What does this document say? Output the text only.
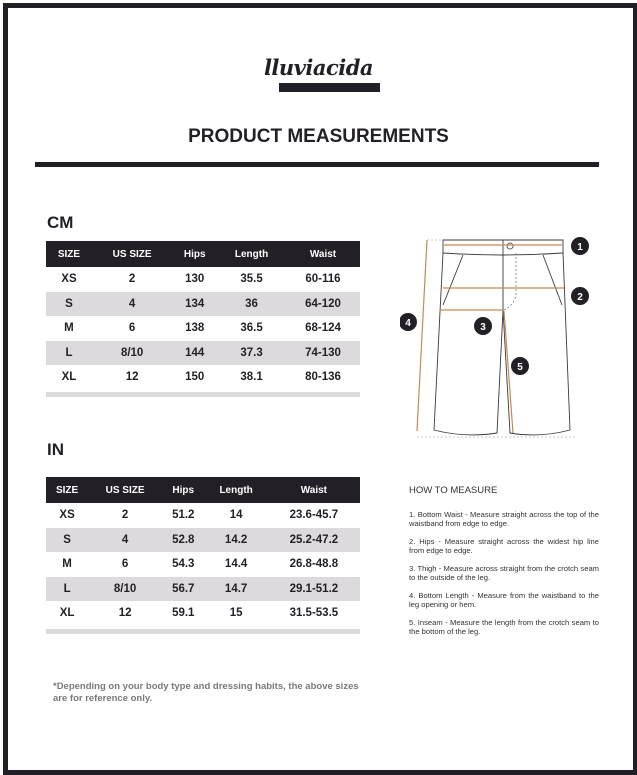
lluviacida
PRODUCT MEASUREMENTS
CM
SIZE	US SIZE	Hips	Length	Waist
XS	2	130	35.5	60-116
S	4	134	36	64-120
M	6	138	36.5	68-124
L	8/10	144	37.3	74-130
XL	12	150	38.1	80-136
IN
SIZE	US SIZE	Hips	Length	Waist
XS	2	51.2	14	23.6-45.7
S	4	52.8	14.2	25.2-47.2
M	6	54.3	14.4	26.8-48.8
L	8/10	56.7	14.7	29.1-51.2
XL	12	59.1	15	31.5-53.5
1
2
3
4
5
HOW TO MEASURE

1. Bottom Waist - Measure straight across the top of the waistband from edge to edge.

2. Hips - Measure straight across the widest hip line from edge to edge.

3. Thigh - Measure across straight from the crotch seam to the outside of the leg.

4. Bottom Length - Measure from the waistband to the leg opening or hem.

5. Inseam - Measure the length from the crotch seam to the bottom of the leg.

*Depending on your body type and dressing habits, the above sizes are for reference only.
